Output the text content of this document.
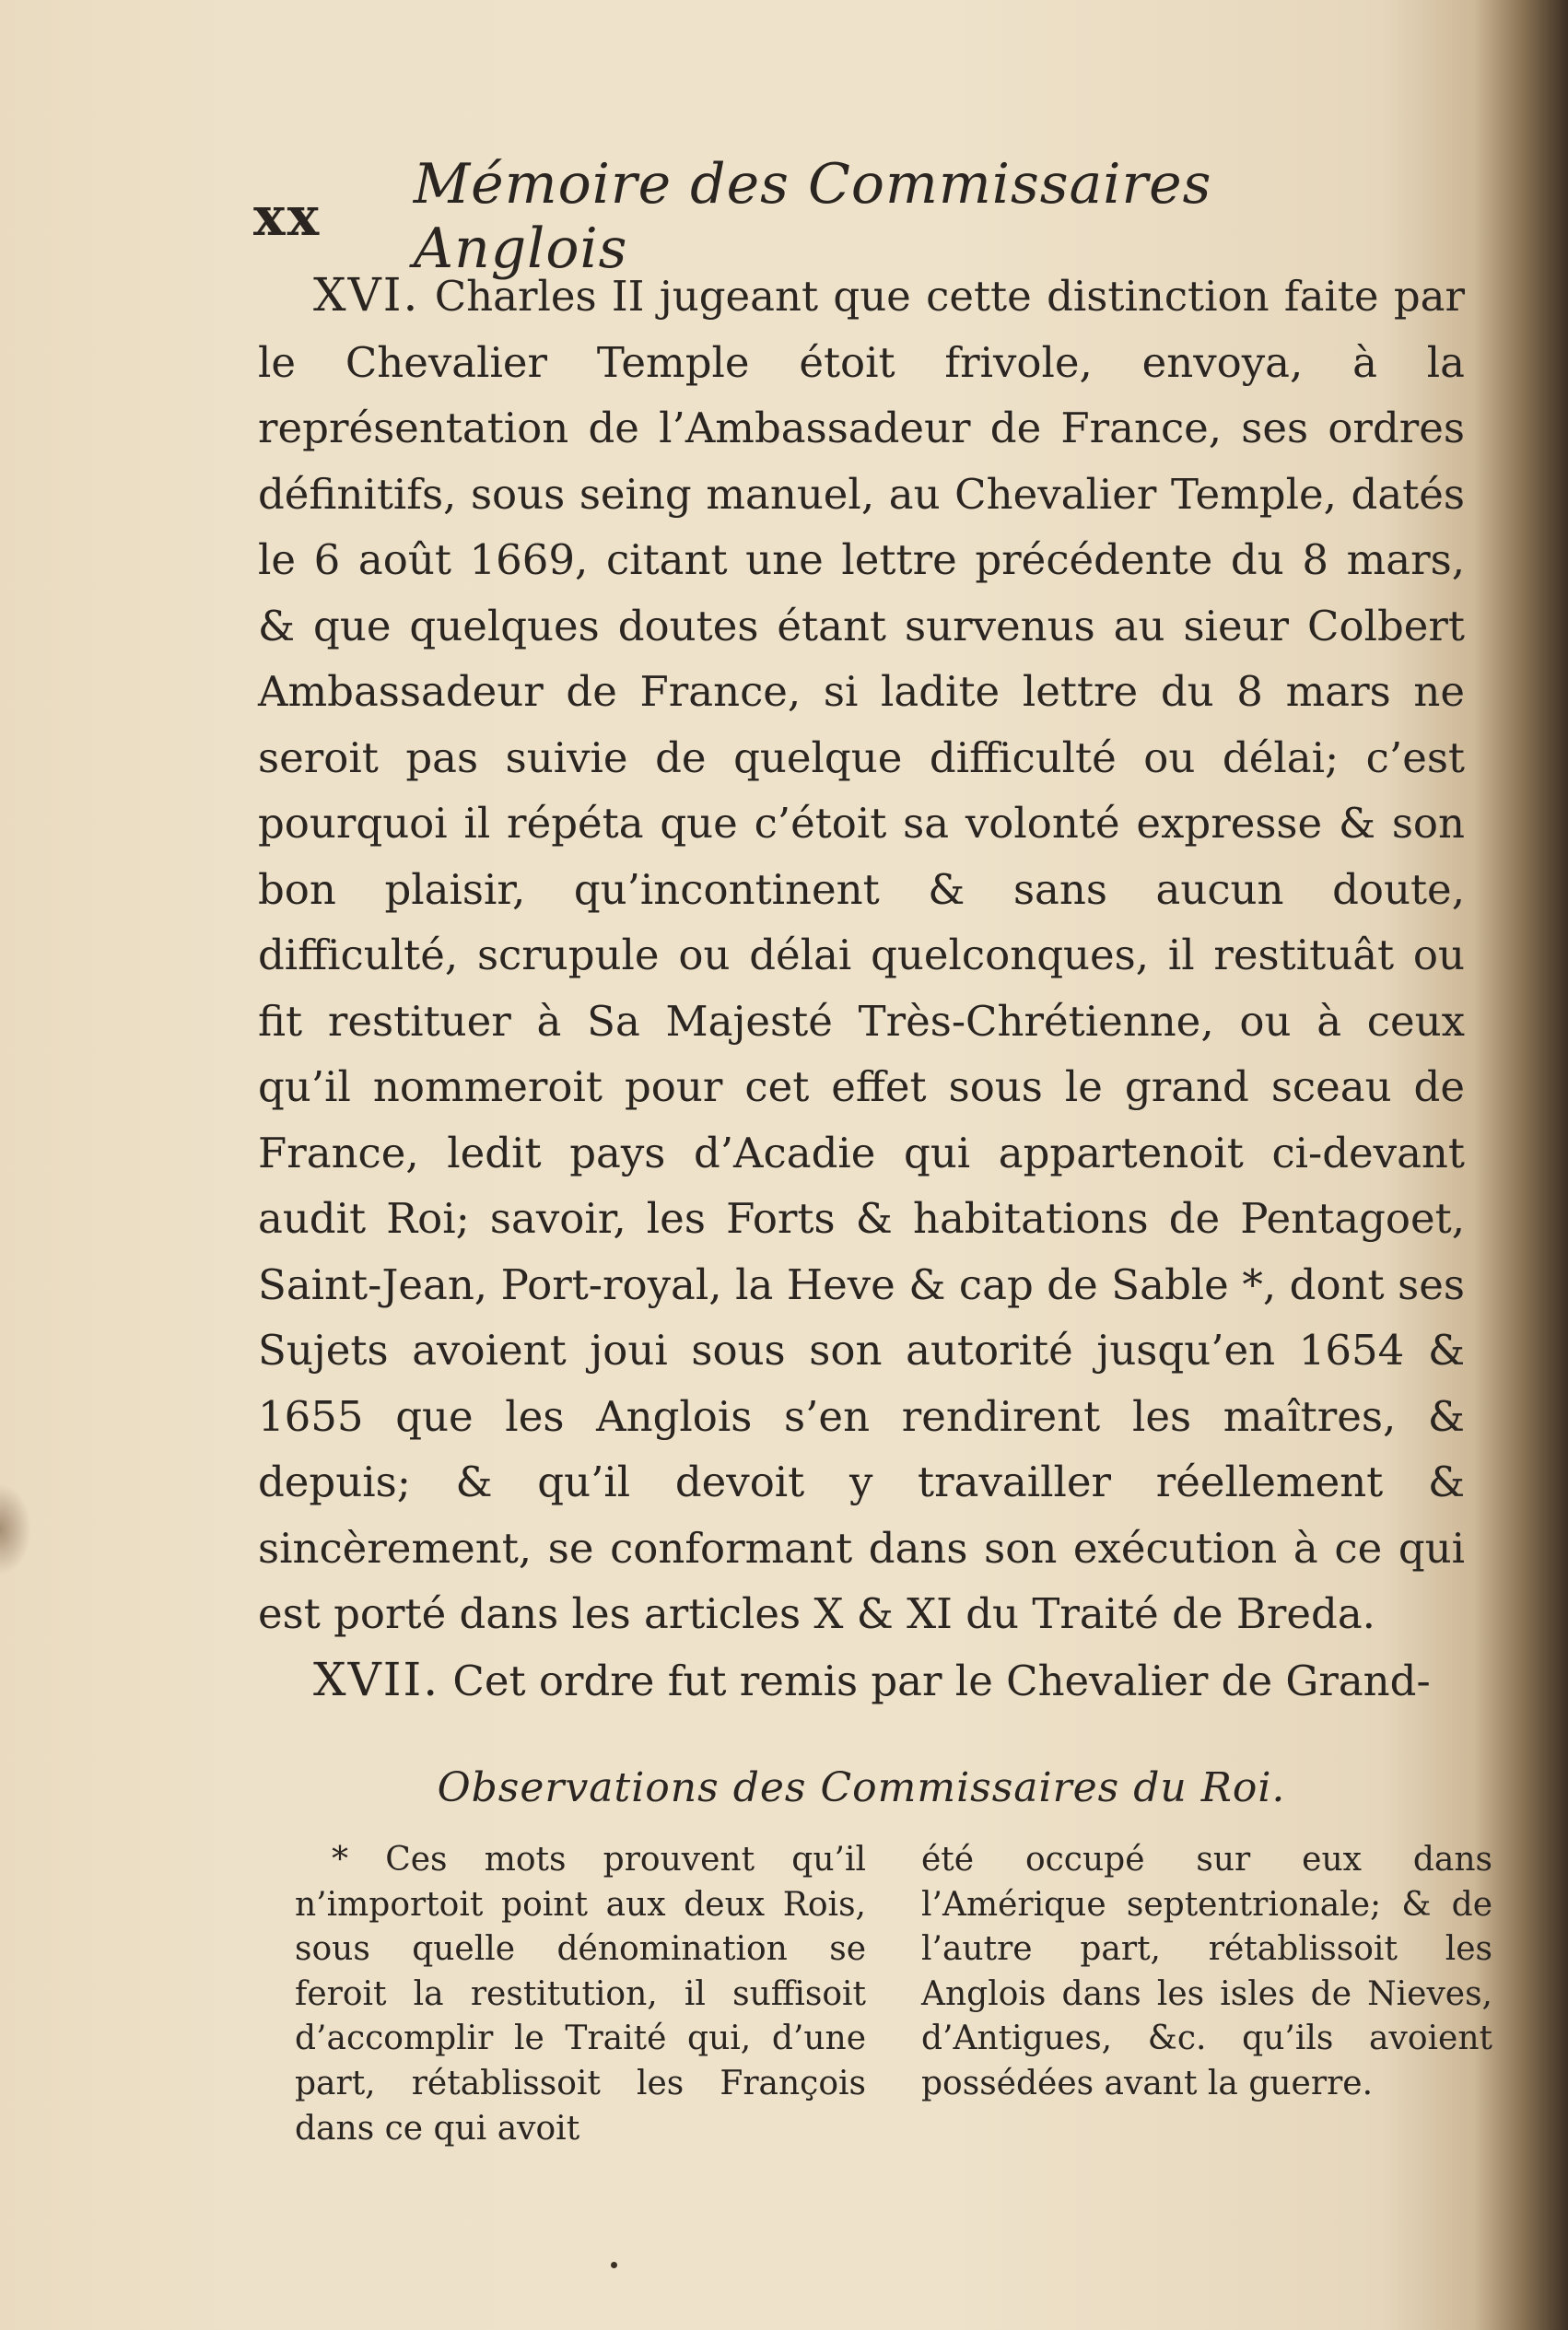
xx	Mémoire des Commissaires Anglois

XVI. Charles II jugeant que cette distinction faite par le Chevalier Temple étoit frivole, envoya, à la représentation de l’Ambassadeur de France, ses ordres définitifs, sous seing manuel, au Chevalier Temple, datés le 6 août 1669, citant une lettre précédente du 8 mars, & que quelques doutes étant survenus au sieur Colbert Ambassadeur de France, si ladite lettre du 8 mars ne seroit pas suivie de quelque difficulté ou délai; c’est pourquoi il répéta que c’étoit sa volonté expresse & son bon plaisir, qu’incontinent & sans aucun doute, difficulté, scrupule ou délai quelconques, il restituât ou fit restituer à Sa Majesté Très-Chrétienne, ou à ceux qu’il nommeroit pour cet effet sous le grand sceau de France, ledit pays d’Acadie qui appartenoit ci-devant audit Roi; savoir, les Forts & habitations de Pentagoet, Saint-Jean, Port-royal, la Heve & cap de Sable *, dont ses Sujets avoient joui sous son autorité jusqu’en 1654 & 1655 que les Anglois s’en rendirent les maîtres, & depuis; & qu’il devoit y travailler réellement & sincèrement, se conformant dans son exécution à ce qui est porté dans les articles X & XI du Traité de Breda.

XVII. Cet ordre fut remis par le Chevalier de Grand-

Observations des Commissaires du Roi.

* Ces mots prouvent qu’il n’importoit point aux deux Rois, sous quelle dénomination se feroit la restitution, il suffisoit d’accomplir le Traité qui, d’une part, rétablissoit les François dans ce qui avoit

été occupé sur eux dans l’Amérique septentrionale; & de l’autre part, rétablissoit les Anglois dans les isles de Nieves, d’Antigues, &c. qu’ils avoient possédées avant la guerre.
